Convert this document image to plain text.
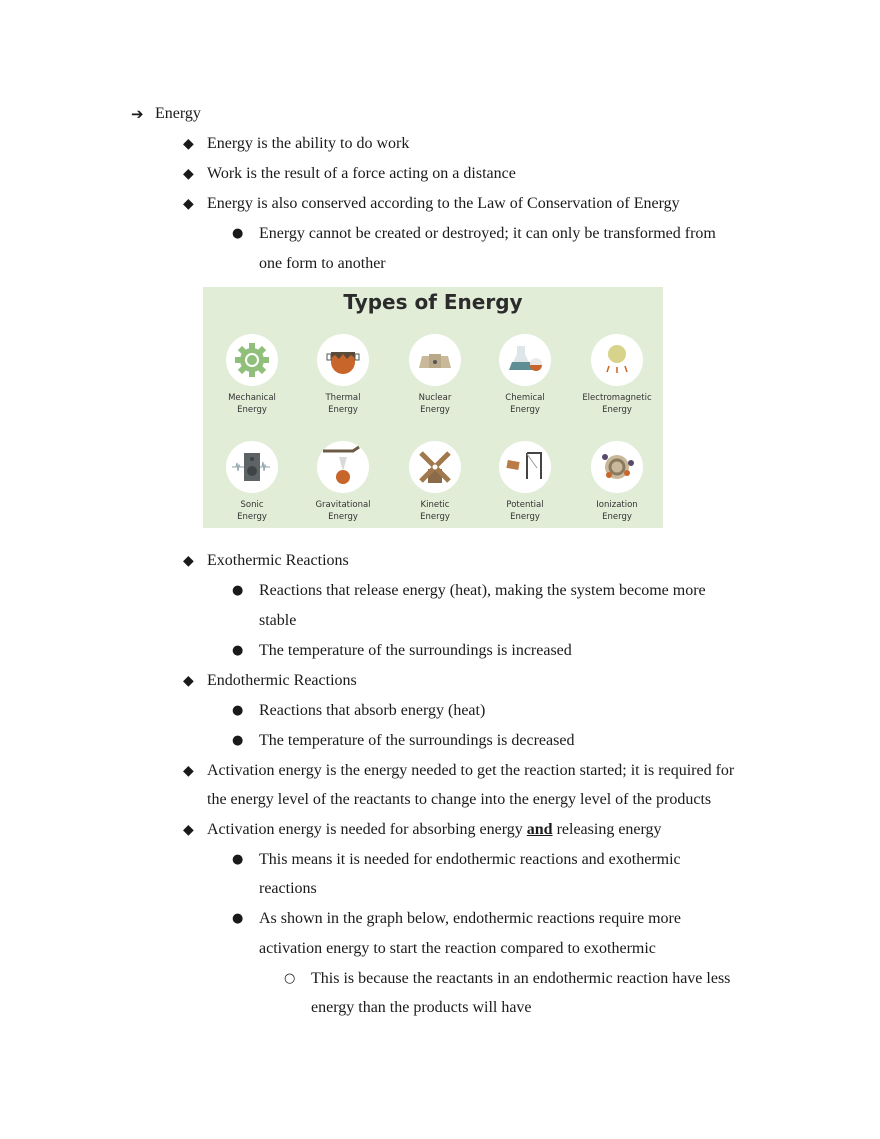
➔ Energy
◆ Energy is the ability to do work
◆ Work is the result of a force acting on a distance
◆ Energy is also conserved according to the Law of Conservation of Energy
● Energy cannot be created or destroyed; it can only be transformed from
one form to another
◆ Exothermic Reactions
● Reactions that release energy (heat), making the system become more
stable
● The temperature of the surroundings is increased
◆ Endothermic Reactions
● Reactions that absorb energy (heat)
● The temperature of the surroundings is decreased
◆ Activation energy is the energy needed to get the reaction started; it is required for
the energy level of the reactants to change into the energy level of the products
◆ Activation energy is needed for absorbing energy and releasing energy
● This means it is needed for endothermic reactions and exothermic
reactions
● As shown in the graph below, endothermic reactions require more
activation energy to start the reaction compared to exothermic
○ This is because the reactants in an endothermic reaction have less
energy than the products will have
Types of Energy
Mechanical
Energy
Thermal
Energy
Nuclear
Energy
Chemical
Energy
Electromagnetic
Energy
Sonic
Energy
Gravitational
Energy
Kinetic
Energy
Potential
Energy
Ionization
Energy
